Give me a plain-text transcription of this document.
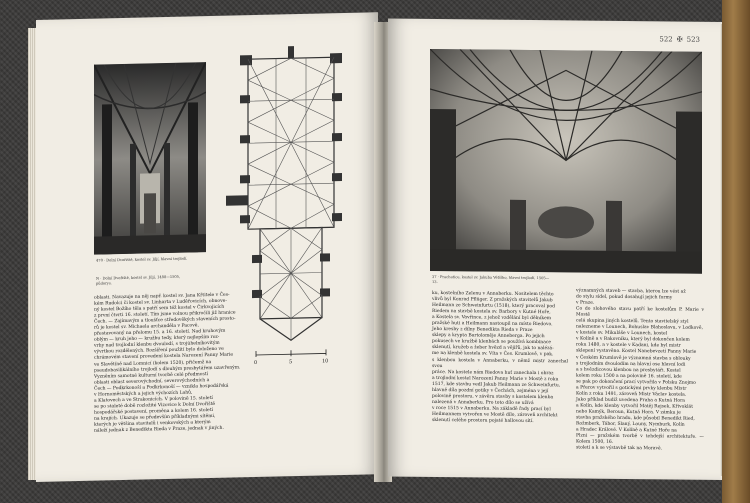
470 · Dolní Dvořiště, kostel sv. Jiljí, hlavní trojlodí.
N · Dolní Dvořiště, kostel sv. Jiljí, 1488—1505, půdorys.
0	5	10
oblasti. Navazuje na něj např. kostel sv. Jana Křtitele v Čes-
kém Rudolci či kostel sv. Linharta v Luděřovicích, obnove-
ný kostel Božího těla s patří sem též kostel v Čirkvojicích
z první čtvrti 16. století. Tím jsme volnou přikročili již hranice
Čech. — Zajímavým a tloušťce středověkých staveních prosto-
rů je kostel sv. Michaela archanděla v Pacově,
přestavovaný na přelomu 15. a 16. století. Nad kruhovým
oblým — kruh jeho — kružbu tedy, který nejlepším roz-
vrhy nad trojlodní klenbu dvoulodí, s trojúhelníkovitým
vývrtkou rozdělených. Rozšíření použití bylo doloženo ve
chrámovém stavení provedení kostela Narození Panny Marie
ve Slavětíně nad Lomnicí (kolem 1520), přičemž na
pseudobasilikálního trojlodí s dlouhým presbytářem uzavřeným.
Vyzněním samotné kulturní tvorbě celé předmostí
oblasti oblast severovýchodní, severovýchodních a
Čech — Podkrkonoší a Podkrkonoší — vznikla hospodářská
v Hornoměstských a jejich výchozích Lahů,
a Klatovech a ve Strakonicích. V polovině 15. století
se po staleté době rozložité Vizovice k Dolní Dvořiště
hospodářské postavení, proměna a kolem 16. století
na krajích. Ukazuje se především příkladnými sítěmi,
kterých je většina stavitelů i venkovských a kterým
náleží jednak z Benedikta Rieda v Praze, jednak v jiných.
522 ✠ 523
37 · Prachatice, kostel sv. Jakuba Většího, hlavní trojlodí, 1505—13.
ku, kostelního Zelenu v Annaberku. Nositelem těchto
vlivů byl Konrad Pflüger. Z pražských stavitelů Jakub
Heilmann ze Schweinfurtu (1518), který pracoval pod
Riedem na stavbě kostela sv. Barbory v Kutné Hoře,
a Kostela sv. Vavřince, z jehož vzdělání byl dělníkem
pražské huti a Heilmann nastoupil na místo Riedovo.
Jeho kresby z dílny Benedikta Rieda v Praze
sklepy a krypta Bartoloměje Anneberga. Po jejich
pokusech ve kružbě klenbách se používá kombinace
sklenutí, kružeb a žeber hvězd a vějířů, jak to nalézá-
me na klenbě kostela sv. Víta v Čes. Krumlově, v pak.
s klenbou kostela v Annaberku, v němž mistr zanechal svou
práce. Na kostele nám Riedova huť zanechala i obraz
a trojlodní kostel Narození Panny Marie v Mostě z roku
1517, kde stavbu vedl Jakub Heilmann ze Schweinfurtu,
hlavně díla pozdní gotiky v Čechách, zejména v její
polovině prostoru, v závěru stavby s kostelem klenba
nalezená v Annaberku. Pro toto dílo se užívá
v roce 1515 v Annaberku. Na základě řady prací byl
Heilmannem vytvořen ve Mostě dílo, zároveň architekt
sklenutí celého prostoru pojaté hallovou sítí.
významných staveb — stavba, kterou lze vést až
do stylu sídel, pokud dosahují jejich formy
v Praze.
Co do slohového stavu patří ke kostelům P. Marie v Mostě
celá skupina jiných kostelů. Tento stavitelský styl
nalezneme v Lounech, Bohuslav Blahoslavu, v Lodkově,
v kostele sv. Mikuláše v Lounech, kostel
v Kolíně a v Rakovníku, který byl dokončen kolem
roku 1480, a v kostele v Kadani, kde byl mistr
sklepení vystavěno. Kostel Nanebevzetí Panny Marie
v Českém Krumlově je významná stavba s oblouky
s trojlodním dvoulodím na hlavní ose hlavní lodi
a s hvězdicovou klenbou na presbytáři. Kostel
kolem roku 1500 a na polovině 16. století, kde
se pak po dokončení prací vytvořila v Polsku Znojmo
a Přerov vytvořil s gotickými prvky klenbu Mistr
Kolín z roku 1491, zároveň Mistr Václav kostela.
Jako příklad budiž uvedena Praha a Kutná Hora
a Kolín, kde klenby vytvořil Matěj Rejsek, Křivoklát
nebo Kamýk, Beroun, Kutná Hora. V zámku je
stavba pražského hradu, kde působil Benedikt Ried,
Rožmberk, Tábor, Slaný, Louny, Nymburk, Kolín
a Hradec Králové. V Kolíně a Kutné Hoře na
Plzni — pražském tvorbě v tehdejší architektuře. — Kolem 1500, 16.
století a k se výstavbě tak na Moravě.
